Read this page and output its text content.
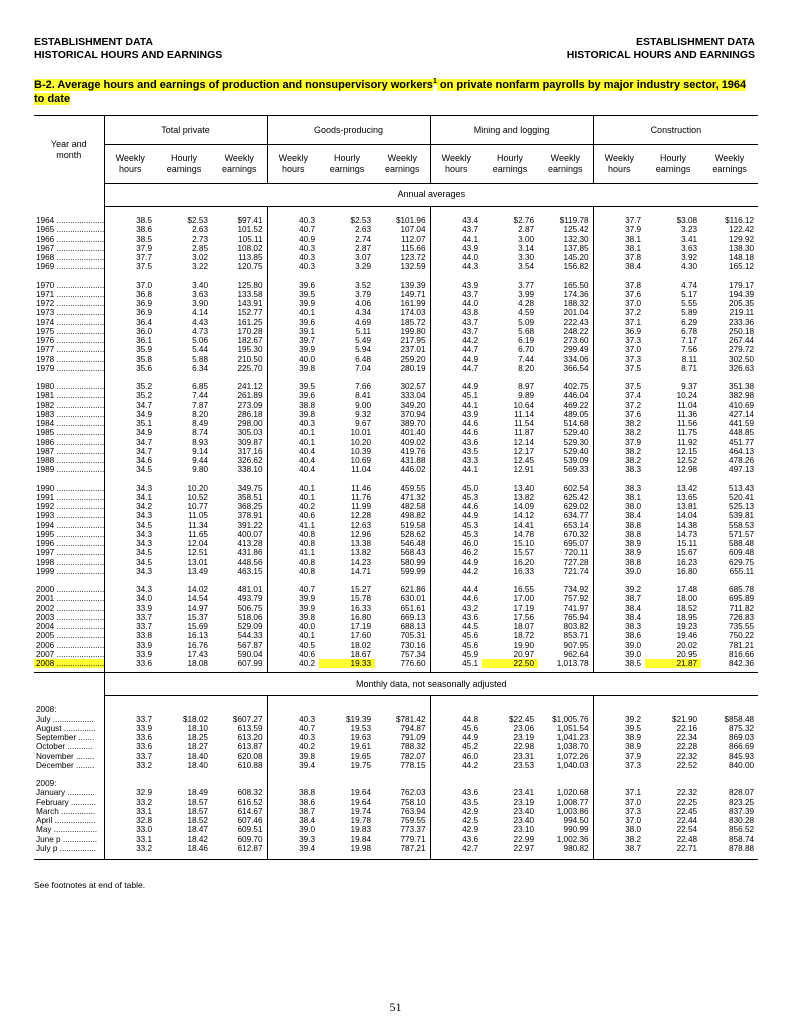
ESTABLISHMENT DATA
HISTORICAL HOURS AND EARNINGS
ESTABLISHMENT DATA
HISTORICAL HOURS AND EARNINGS
B-2. Average hours and earnings of production and nonsupervisory workers$^1$ on private nonfarm payrolls by major industry sector, 1964 to date
Year and month	Total private			Goods-producing			Mining and logging			Construction		
	Weekly hours	Hourly earnings	Weekly earnings	Weekly hours	Hourly earnings	Weekly earnings	Weekly hours	Hourly earnings	Weekly earnings	Weekly hours	Hourly earnings	Weekly earnings
	Annual averages											

1964 .....................	38.5	$2.53	$97.41	40.3	$2.53	$101.96	43.4	$2.76	$119.78	37.7	$3.08	$116.12
1965 .....................	38.6	2.63	101.52	40.7	2.63	107.04	43.7	2.87	125.42	37.9	3.23	122.42
1966 .....................	38.5	2.73	105.11	40.9	2.74	112.07	44.1	3.00	132.30	38.1	3.41	129.92
1967 .....................	37.9	2.85	108.02	40.3	2.87	115.66	43.9	3.14	137.85	38.1	3.63	138.30
1968 .....................	37.7	3.02	113.85	40.3	3.07	123.72	44.0	3.30	145.20	37.8	3.92	148.18
1969 .....................	37.5	3.22	120.75	40.3	3.29	132.59	44.3	3.54	156.82	38.4	4.30	165.12

1970 .....................	37.0	3.40	125.80	39.6	3.52	139.39	43.9	3.77	165.50	37.8	4.74	179.17
1971 .....................	36.8	3.63	133.58	39.5	3.79	149.71	43.7	3.99	174.36	37.6	5.17	194.39
1972 .....................	36.9	3.90	143.91	39.9	4.06	161.99	44.0	4.28	188.32	37.0	5.55	205.35
1973 .....................	36.9	4.14	152.77	40.1	4.34	174.03	43.8	4.59	201.04	37.2	5.89	219.11
1974 .....................	36.4	4.43	161.25	39.6	4.69	185.72	43.7	5.09	222.43	37.1	6.29	233.36
1975 .....................	36.0	4.73	170.28	39.1	5.11	199.80	43.7	5.68	248.22	36.9	6.78	250.18
1976 .....................	36.1	5.06	182.67	39.7	5.49	217.95	44.2	6.19	273.60	37.3	7.17	267.44
1977 .....................	35.9	5.44	195.30	39.9	5.94	237.01	44.7	6.70	299.49	37.0	7.56	279.72
1978 .....................	35.8	5.88	210.50	40.0	6.48	259.20	44.9	7.44	334.06	37.3	8.11	302.50
1979 .....................	35.6	6.34	225.70	39.8	7.04	280.19	44.7	8.20	366.54	37.5	8.71	326.63

1980 .....................	35.2	6.85	241.12	39.5	7.66	302.57	44.9	8.97	402.75	37.5	9.37	351.38
1981 .....................	35.2	7.44	261.89	39.6	8.41	333.04	45.1	9.89	446.04	37.4	10.24	382.98
1982 .....................	34.7	7.87	273.09	38.8	9.00	349.20	44.1	10.64	469.22	37.2	11.04	410.69
1983 .....................	34.9	8.20	286.18	39.8	9.32	370.94	43.9	11.14	489.05	37.6	11.36	427.14
1984 .....................	35.1	8.49	298.00	40.3	9.67	389.70	44.6	11.54	514.68	38.2	11.56	441.59
1985 .....................	34.9	8.74	305.03	40.1	10.01	401.40	44.6	11.87	529.40	38.2	11.75	448.85
1986 .....................	34.7	8.93	309.87	40.1	10.20	409.02	43.6	12.14	529.30	37.9	11.92	451.77
1987 .....................	34.7	9.14	317.16	40.4	10.39	419.76	43.5	12.17	529.40	38.2	12.15	464.13
1988 .....................	34.6	9.44	326.62	40.4	10.69	431.88	43.3	12.45	539.09	38.2	12.52	478.26
1989 .....................	34.5	9.80	338.10	40.4	11.04	446.02	44.1	12.91	569.33	38.3	12.98	497.13

1990 .....................	34.3	10.20	349.75	40.1	11.46	459.55	45.0	13.40	602.54	38.3	13.42	513.43
1991 .....................	34.1	10.52	358.51	40.1	11.76	471.32	45.3	13.82	625.42	38.1	13.65	520.41
1992 .....................	34.2	10.77	368.25	40.2	11.99	482.58	44.6	14.09	629.02	38.0	13.81	525.13
1993 .....................	34.3	11.05	378.91	40.6	12.28	498.82	44.9	14.12	634.77	38.4	14.04	539.81
1994 .....................	34.5	11.34	391.22	41.1	12.63	519.58	45.3	14.41	653.14	38.8	14.38	558.53
1995 .....................	34.3	11.65	400.07	40.8	12.96	528.62	45.3	14.78	670.32	38.8	14.73	571.57
1996 .....................	34.3	12.04	413.28	40.8	13.38	546.48	46.0	15.10	695.07	38.9	15.11	588.48
1997 .....................	34.5	12.51	431.86	41.1	13.82	568.43	46.2	15.57	720.11	38.9	15.67	609.48
1998 .....................	34.5	13.01	448.56	40.8	14.23	580.99	44.9	16.20	727.28	38.8	16.23	629.75
1999 .....................	34.3	13.49	463.15	40.8	14.71	599.99	44.2	16.33	721.74	39.0	16.80	655.11

2000 .....................	34.3	14.02	481.01	40.7	15.27	621.86	44.4	16.55	734.92	39.2	17.48	685.78
2001 .....................	34.0	14.54	493.79	39.9	15.78	630.01	44.6	17.00	757.92	38.7	18.00	695.89
2002 .....................	33.9	14.97	506.75	39.9	16.33	651.61	43.2	17.19	741.97	38.4	18.52	711.82
2003 .....................	33.7	15.37	518.06	39.8	16.80	669.13	43.6	17.56	765.94	38.4	18.95	726.83
2004 .....................	33.7	15.69	529.09	40.0	17.19	688.13	44.5	18.07	803.82	38.3	19.23	735.55
2005 .....................	33.8	16.13	544.33	40.1	17.60	705.31	45.6	18.72	853.71	38.6	19.46	750.22
2006 .....................	33.9	16.76	567.87	40.5	18.02	730.16	45.6	19.90	907.95	39.0	20.02	781.21
2007 .....................	33.9	17.43	590.04	40.6	18.67	757.34	45.9	20.97	962.64	39.0	20.95	816.66
2008 .....................	33.6	18.08	607.99	40.2	19.33	776.60	45.1	22.50	1,013.78	38.5	21.87	842.36

	Monthly data, not seasonally adjusted											

2008:												
July ..................	33.7	$18.02	$607.27	40.3	$19.39	$781.42	44.8	$22.45	$1,005.76	39.2	$21.90	$858.48
August ..............	33.9	18.10	613.59	40.7	19.53	794.87	45.6	23.06	1,051.54	39.5	22.16	875.32
September .......	33.6	18.25	613.20	40.3	19.63	791.09	44.9	23.19	1,041.23	38.9	22.34	869.03
October ...........	33.6	18.27	613.87	40.2	19.61	788.32	45.2	22.98	1,038.70	38.9	22.28	866.69
November ........	33.7	18.40	620.08	39.8	19.65	782.07	46.0	23.31	1,072.26	37.9	22.32	845.93
December ........	33.2	18.40	610.88	39.4	19.75	778.15	44.2	23.53	1,040.03	37.3	22.52	840.00

2009:												
January ............	32.9	18.49	608.32	38.8	19.64	762.03	43.6	23.41	1,020.68	37.1	22.32	828.07
February ...........	33.2	18.57	616.52	38.6	19.64	758.10	43.5	23.19	1,008.77	37.0	22.25	823.25
March ...............	33.1	18.57	614.67	38.7	19.74	763.94	42.9	23.40	1,003.86	37.3	22.45	837.39
April ..................	32.8	18.52	607.46	38.4	19.78	759.55	42.5	23.40	994.50	37.0	22.44	830.28
May ...................	33.0	18.47	609.51	39.0	19.83	773.37	42.9	23.10	990.99	38.0	22.54	856.52
June p ...............	33.1	18.42	609.70	39.3	19.84	779.71	43.6	22.99	1,002.36	38.2	22.48	858.74
July p ................	33.2	18.46	612.87	39.4	19.98	787.21	42.7	22.97	980.82	38.7	22.71	878.88

See footnotes at end of table.
51
